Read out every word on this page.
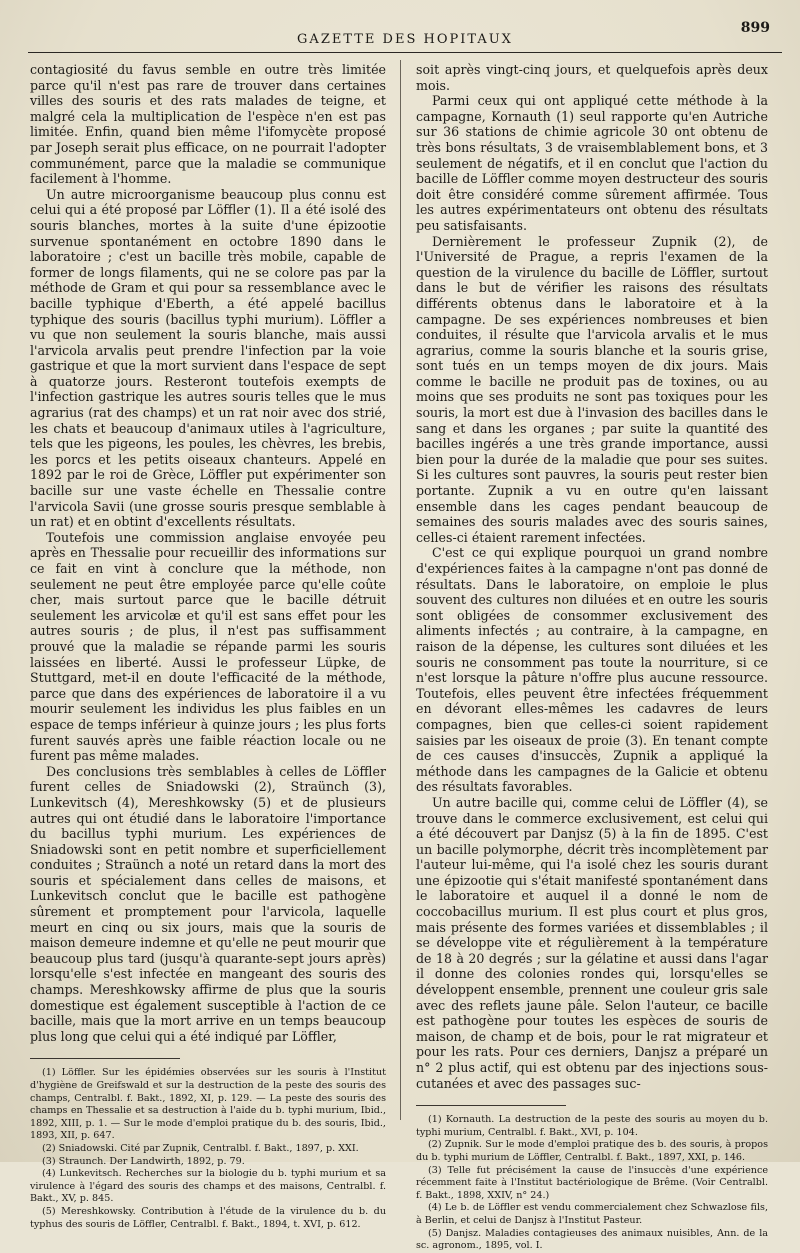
GAZETTE DES HOPITAUX
899

contagiosité du favus semble en outre très limitée parce qu'il n'est pas rare de trouver dans certaines villes des souris et des rats malades de teigne, et malgré cela la multiplication de l'espèce n'en est pas limitée. Enfin, quand bien même l'ifomycète proposé par Joseph serait plus efficace, on ne pourrait l'adopter communément, parce que la maladie se communique facilement à l'homme.

Un autre microorganisme beaucoup plus connu est celui qui a été proposé par Löffler (1). Il a été isolé des souris blanches, mortes à la suite d'une épizootie survenue spontanément en octobre 1890 dans le laboratoire ; c'est un bacille très mobile, capable de former de longs filaments, qui ne se colore pas par la méthode de Gram et qui pour sa ressemblance avec le bacille typhique d'Eberth, a été appelé bacillus typhique des souris (bacillus typhi murium). Löffler a vu que non seulement la souris blanche, mais aussi l'arvicola arvalis peut prendre l'infection par la voie gastrique et que la mort survient dans l'espace de sept à quatorze jours. Resteront toutefois exempts de l'infection gastrique les autres souris telles que le mus agrarius (rat des champs) et un rat noir avec dos strié, les chats et beaucoup d'animaux utiles à l'agriculture, tels que les pigeons, les poules, les chèvres, les brebis, les porcs et les petits oiseaux chanteurs. Appelé en 1892 par le roi de Grèce, Löffler put expérimenter son bacille sur une vaste échelle en Thessalie contre l'arvicola Savii (une grosse souris presque semblable à un rat) et en obtint d'excellents résultats.

Toutefois une commission anglaise envoyée peu après en Thessalie pour recueillir des informations sur ce fait en vint à conclure que la méthode, non seulement ne peut être employée parce qu'elle coûte cher, mais surtout parce que le bacille détruit seulement les arvicolæ et qu'il est sans effet pour les autres souris ; de plus, il n'est pas suffisamment prouvé que la maladie se répande parmi les souris laissées en liberté. Aussi le professeur Lüpke, de Stuttgard, met-il en doute l'efficacité de la méthode, parce que dans des expériences de laboratoire il a vu mourir seulement les individus les plus faibles en un espace de temps inférieur à quinze jours ; les plus forts furent sauvés après une faible réaction locale ou ne furent pas même malades.

Des conclusions très semblables à celles de Löffler furent celles de Sniadowski (2), Straünch (3), Lunkevitsch (4), Mereshkowsky (5) et de plusieurs autres qui ont étudié dans le laboratoire l'importance du bacillus typhi murium. Les expériences de Sniadowski sont en petit nombre et superficiellement conduites ; Straünch a noté un retard dans la mort des souris et spécialement dans celles de maisons, et Lunkevitsch conclut que le bacille est pathogène sûrement et promptement pour l'arvicola, laquelle meurt en cinq ou six jours, mais que la souris de maison demeure indemne et qu'elle ne peut mourir que beaucoup plus tard (jusqu'à quarante-sept jours après) lorsqu'elle s'est infectée en mangeant des souris des champs. Mereshkowsky affirme de plus que la souris domestique est également susceptible à l'action de ce bacille, mais que la mort arrive en un temps beaucoup plus long que celui qui a été indiqué par Löffler,

(1) Löffler. Sur les épidémies observées sur les souris à l'Institut d'hygiène de Greifswald et sur la destruction de la peste des souris des champs, Centralbl. f. Bakt., 1892, XI, p. 129. — La peste des souris des champs en Thessalie et sa destruction à l'aide du b. typhi murium, Ibid., 1892, XIII, p. 1. — Sur le mode d'emploi pratique du b. des souris, Ibid., 1893, XII, p. 647.

(2) Sniadowski. Cité par Zupnik, Centralbl. f. Bakt., 1897, p. XXI.

(3) Straunch. Der Landwirth, 1892, p. 79.

(4) Lunkevitsch. Recherches sur la biologie du b. typhi murium et sa virulence à l'égard des souris des champs et des maisons, Centralbl. f. Bakt., XV, p. 845.

(5) Mereshkowsky. Contribution à l'étude de la virulence du b. du typhus des souris de Löffler, Centralbl. f. Bakt., 1894, t. XVI, p. 612.

soit après vingt-cinq jours, et quelquefois après deux mois.

Parmi ceux qui ont appliqué cette méthode à la campagne, Kornauth (1) seul rapporte qu'en Autriche sur 36 stations de chimie agricole 30 ont obtenu de très bons résultats, 3 de vraisemblablement bons, et 3 seulement de négatifs, et il en conclut que l'action du bacille de Löffler comme moyen destructeur des souris doit être considéré comme sûrement affirmée. Tous les autres expérimentateurs ont obtenu des résultats peu satisfaisants.

Dernièrement le professeur Zupnik (2), de l'Université de Prague, a repris l'examen de la question de la virulence du bacille de Löffler, surtout dans le but de vérifier les raisons des résultats différents obtenus dans le laboratoire et à la campagne. De ses expériences nombreuses et bien conduites, il résulte que l'arvicola arvalis et le mus agrarius, comme la souris blanche et la souris grise, sont tués en un temps moyen de dix jours. Mais comme le bacille ne produit pas de toxines, ou au moins que ses produits ne sont pas toxiques pour les souris, la mort est due à l'invasion des bacilles dans le sang et dans les organes ; par suite la quantité des bacilles ingérés a une très grande importance, aussi bien pour la durée de la maladie que pour ses suites. Si les cultures sont pauvres, la souris peut rester bien portante. Zupnik a vu en outre qu'en laissant ensemble dans les cages pendant beaucoup de semaines des souris malades avec des souris saines, celles-ci étaient rarement infectées.

C'est ce qui explique pourquoi un grand nombre d'expériences faites à la campagne n'ont pas donné de résultats. Dans le laboratoire, on emploie le plus souvent des cultures non diluées et en outre les souris sont obligées de consommer exclusivement des aliments infectés ; au contraire, à la campagne, en raison de la dépense, les cultures sont diluées et les souris ne consomment pas toute la nourriture, si ce n'est lorsque la pâture n'offre plus aucune ressource. Toutefois, elles peuvent être infectées fréquemment en dévorant elles-mêmes les cadavres de leurs compagnes, bien que celles-ci soient rapidement saisies par les oiseaux de proie (3). En tenant compte de ces causes d'insuccès, Zupnik a appliqué la méthode dans les campagnes de la Galicie et obtenu des résultats favorables.

Un autre bacille qui, comme celui de Löffler (4), se trouve dans le commerce exclusivement, est celui qui a été découvert par Danjsz (5) à la fin de 1895. C'est un bacille polymorphe, décrit très incomplètement par l'auteur lui-même, qui l'a isolé chez les souris durant une épizootie qui s'était manifesté spontanément dans le laboratoire et auquel il a donné le nom de coccobacillus murium. Il est plus court et plus gros, mais présente des formes variées et dissemblables ; il se développe vite et régulièrement à la température de 18 à 20 degrés ; sur la gélatine et aussi dans l'agar il donne des colonies rondes qui, lorsqu'elles se développent ensemble, prennent une couleur gris sale avec des reflets jaune pâle. Selon l'auteur, ce bacille est pathogène pour toutes les espèces de souris de maison, de champ et de bois, pour le rat migrateur et pour les rats. Pour ces derniers, Danjsz a préparé un n° 2 plus actif, qui est obtenu par des injections sous-cutanées et avec des passages suc-

(1) Kornauth. La destruction de la peste des souris au moyen du b. typhi murium, Centralbl. f. Bakt., XVI, p. 104.

(2) Zupnik. Sur le mode d'emploi pratique des b. des souris, à propos du b. typhi murium de Löffler, Centralbl. f. Bakt., 1897, XXI, p. 146.

(3) Telle fut précisément la cause de l'insuccès d'une expérience récemment faite à l'Institut bactériologique de Brême. (Voir Centralbl. f. Bakt., 1898, XXIV, n° 24.)

(4) Le b. de Löffler est vendu commercialement chez Schwazlose fils, à Berlin, et celui de Danjsz à l'Institut Pasteur.

(5) Danjsz. Maladies contagieuses des animaux nuisibles, Ann. de la sc. agronom., 1895, vol. I.
